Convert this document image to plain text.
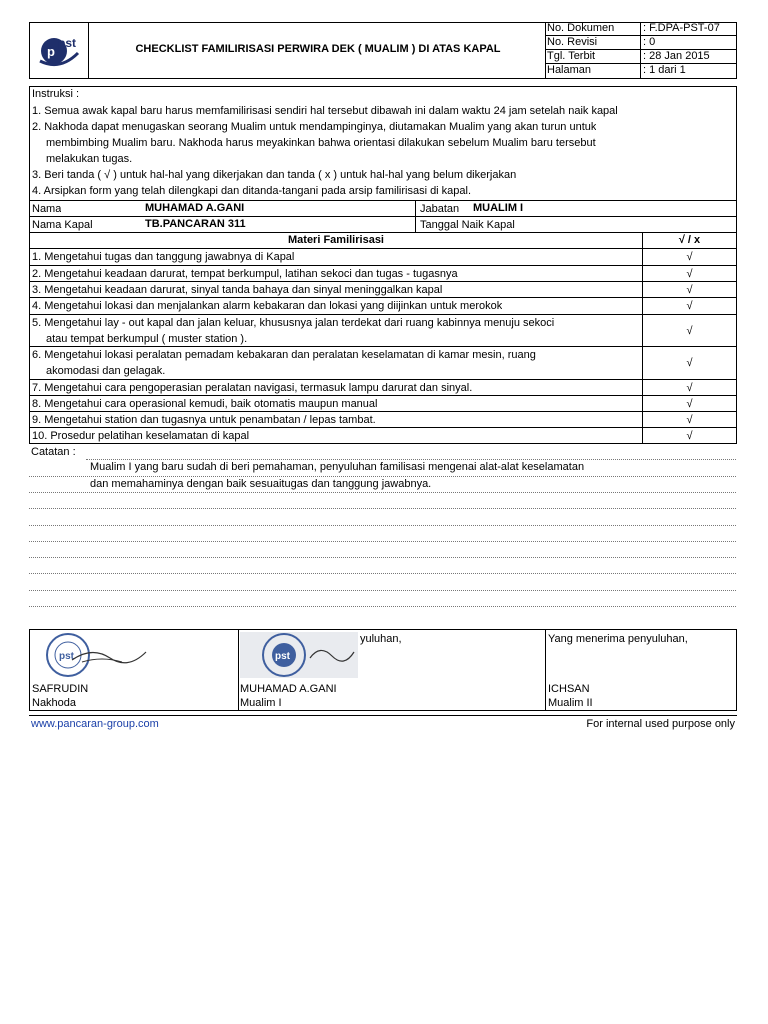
p
pst	CHECKLIST FAMILIRISASI PERWIRA DEK ( MUALIM ) DI ATAS KAPAL
No. Dokumen	: F.DPA-PST-07
No. Revisi	: 0
Tgl. Terbit	: 28 Jan 2015
Halaman	: 1 dari 1
Instruksi :
1. Semua awak kapal baru harus memfamilirisasi sendiri hal tersebut dibawah ini dalam waktu 24 jam setelah naik kapal
2. Nakhoda dapat menugaskan seorang Mualim untuk mendampinginya, diutamakan Mualim yang akan turun untuk
membimbing Mualim baru. Nakhoda harus meyakinkan bahwa orientasi dilakukan sebelum Mualim baru tersebut
melakukan tugas.
3. Beri tanda ( √ ) untuk hal-hal yang dikerjakan dan tanda ( x ) untuk hal-hal yang belum dikerjakan
4. Arsipkan form yang telah dilengkapi dan ditanda-tangani pada arsip familirisasi di kapal.
Nama	MUHAMAD A.GANI	Jabatan MUALIM I
Nama Kapal	TB.PANCARAN 311	Tanggal Naik Kapal
Materi Familirisasi	√ / x
1. Mengetahui tugas dan tanggung jawabnya di Kapal	√
2. Mengetahui keadaan darurat, tempat berkumpul, latihan sekoci dan tugas - tugasnya	√
3. Mengetahui keadaan darurat, sinyal tanda bahaya dan sinyal meninggalkan kapal	√
4. Mengetahui lokasi dan menjalankan alarm kebakaran dan lokasi yang diijinkan untuk merokok	√
5. Mengetahui lay - out kapal dan jalan keluar, khususnya jalan terdekat dari ruang kabinnya menuju sekoci
atau tempat berkumpul ( muster station ).
√
6. Mengetahui lokasi peralatan pemadam kebakaran dan peralatan keselamatan di kamar mesin, ruang
akomodasi dan gelagak.
√
7. Mengetahui cara pengoperasian peralatan navigasi, termasuk lampu darurat dan sinyal.	√
8. Mengetahui cara operasional kemudi, baik otomatis maupun manual	√
9. Mengetahui station dan tugasnya untuk penambatan / lepas tambat.	√
10. Prosedur pelatihan keselamatan di kapal	√
Catatan :
Mualim I yang baru sudah di beri pemahaman, penyuluhan familisasi mengenai alat-alat keselamatan
dan memahaminya dengan baik sesuaitugas dan tanggung jawabnya.
pst
SAFRUDIN
Nakhoda
pst
yuluhan,
MUHAMAD A.GANI
Mualim I
Yang menerima penyuluhan,
ICHSAN
Mualim II
www.pancaran-group.com	For internal used purpose only
